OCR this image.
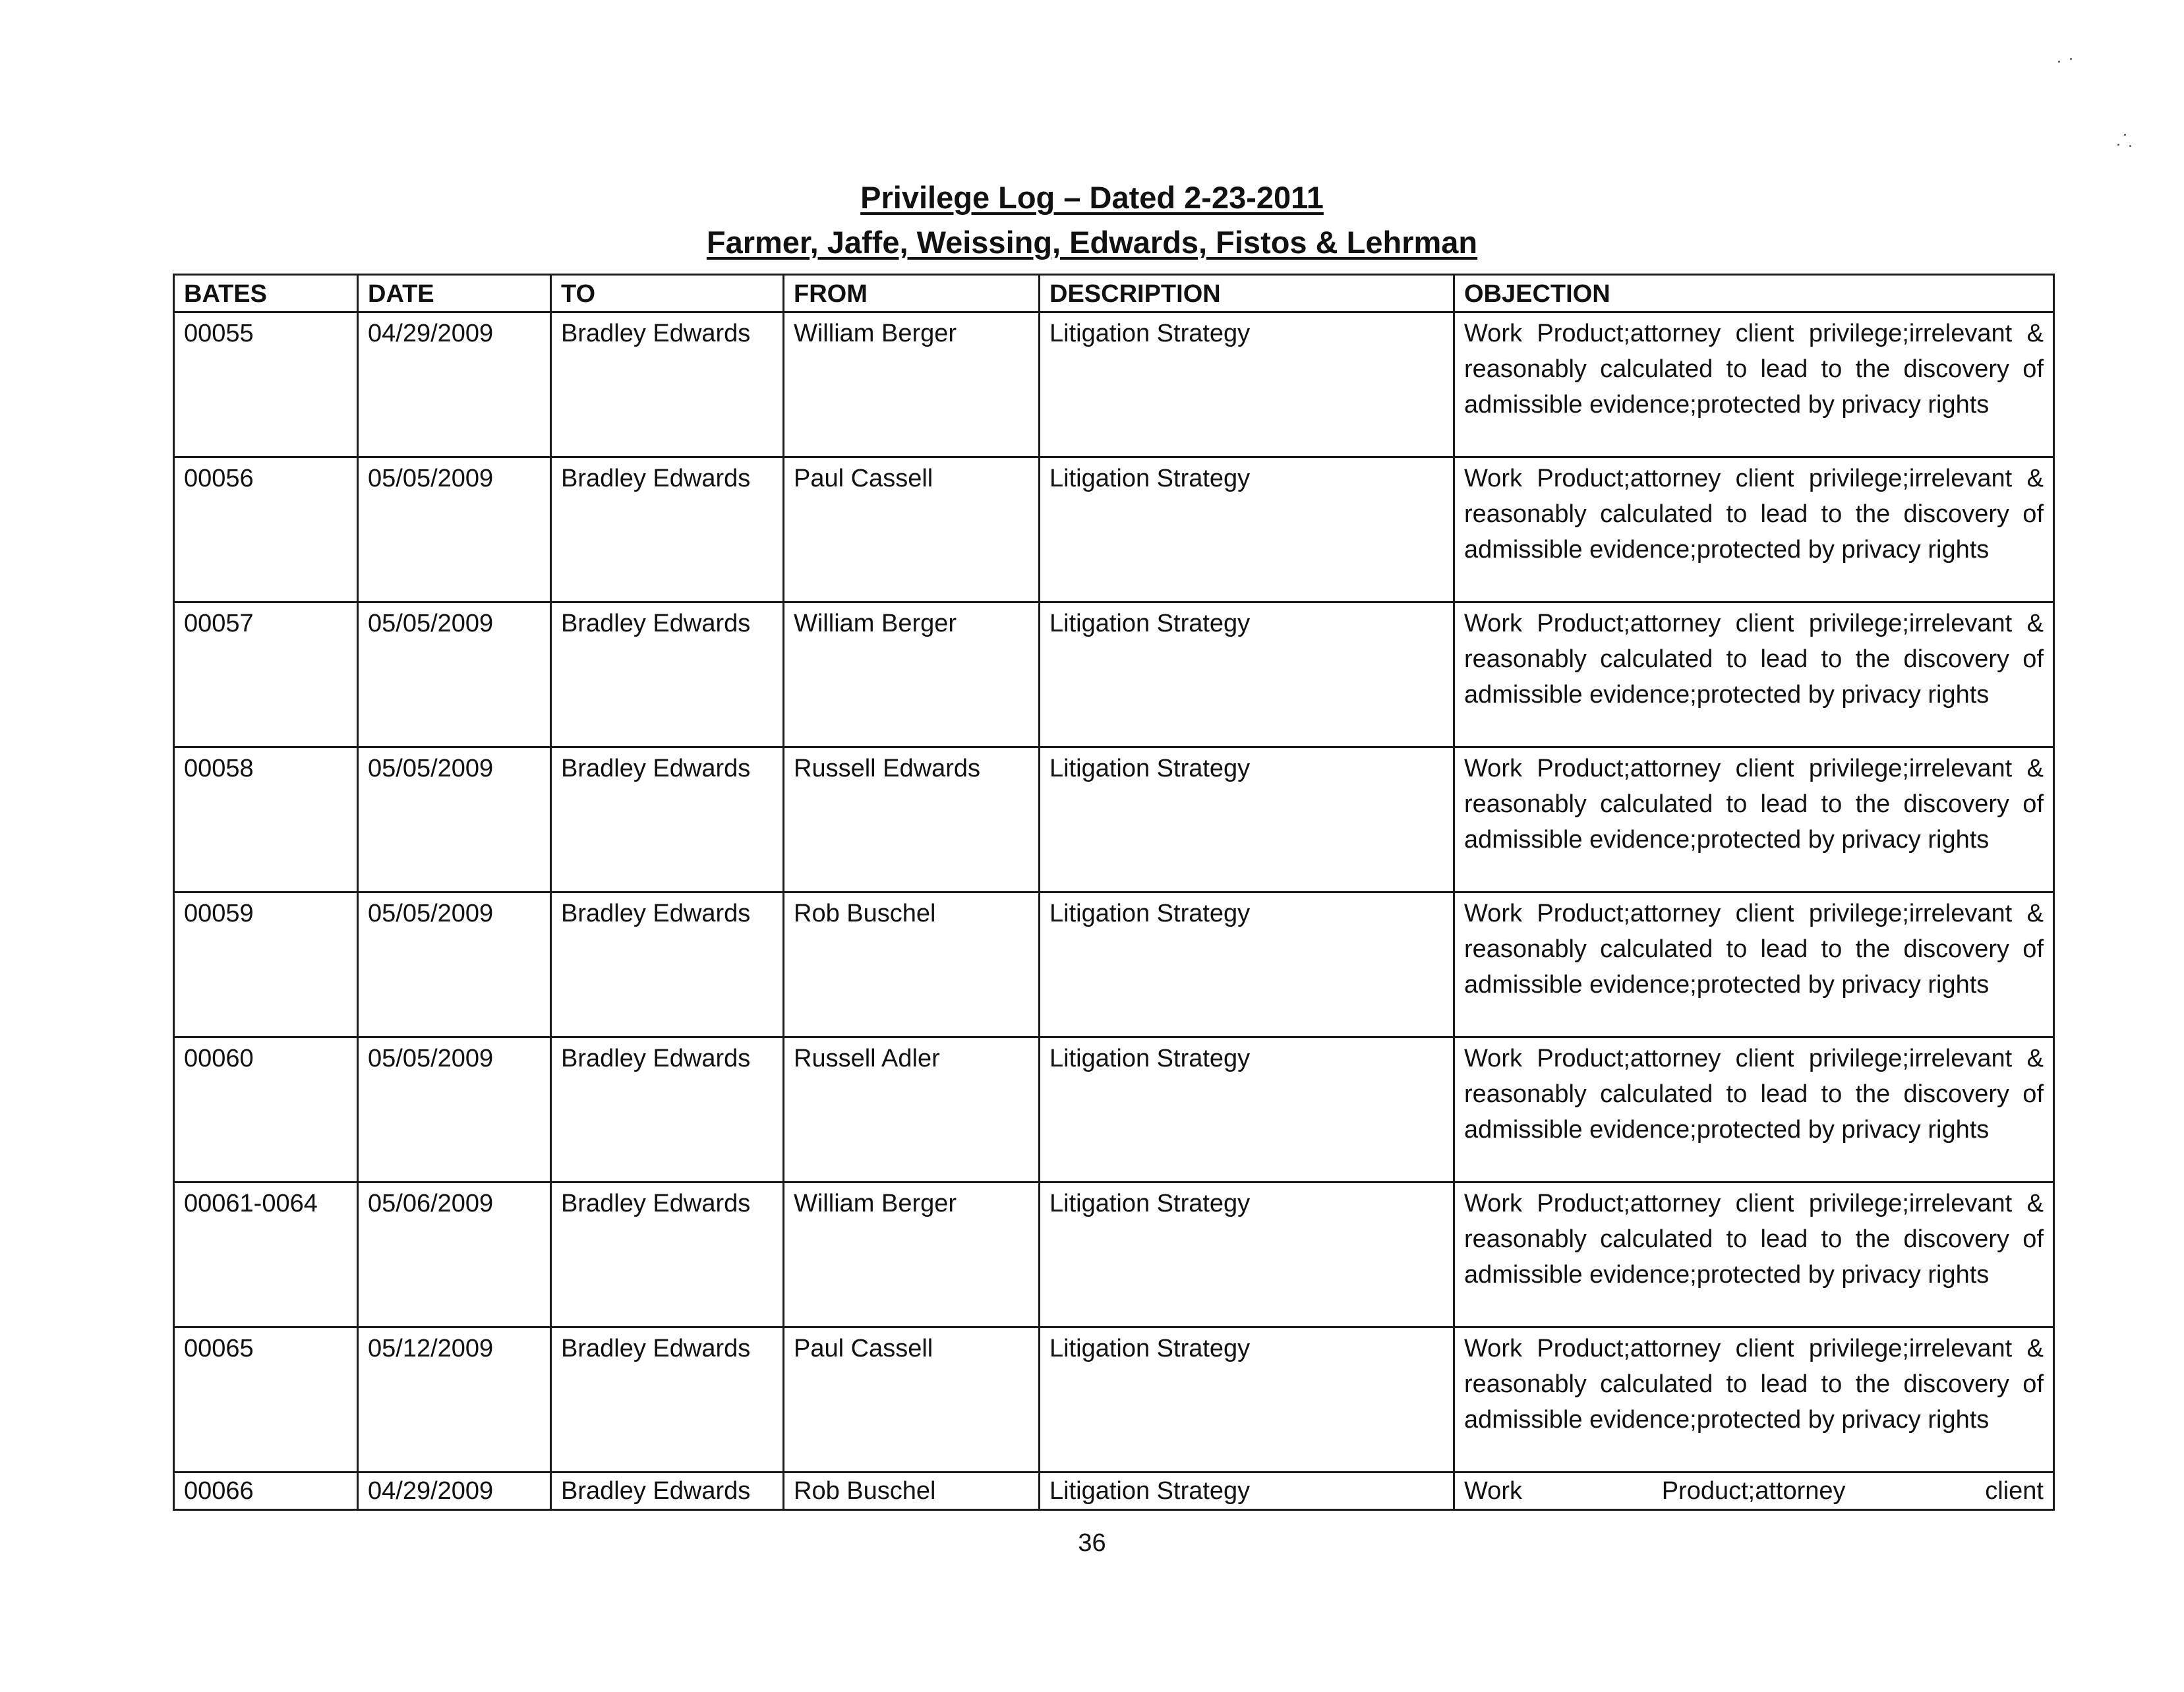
Privilege Log – Dated 2-23-2011
Farmer, Jaffe, Weissing, Edwards, Fistos & Lehrman
BATES	DATE	TO	FROM	DESCRIPTION	OBJECTION
00055	04/29/2009	Bradley Edwards	William Berger	Litigation Strategy	Work Product;attorney client privilege;irrelevant & reasonably calculated to lead to the discovery of admissible evidence;protected by privacy rights
00056	05/05/2009	Bradley Edwards	Paul Cassell	Litigation Strategy	Work Product;attorney client privilege;irrelevant & reasonably calculated to lead to the discovery of admissible evidence;protected by privacy rights
00057	05/05/2009	Bradley Edwards	William Berger	Litigation Strategy	Work Product;attorney client privilege;irrelevant & reasonably calculated to lead to the discovery of admissible evidence;protected by privacy rights
00058	05/05/2009	Bradley Edwards	Russell Edwards	Litigation Strategy	Work Product;attorney client privilege;irrelevant & reasonably calculated to lead to the discovery of admissible evidence;protected by privacy rights
00059	05/05/2009	Bradley Edwards	Rob Buschel	Litigation Strategy	Work Product;attorney client privilege;irrelevant & reasonably calculated to lead to the discovery of admissible evidence;protected by privacy rights
00060	05/05/2009	Bradley Edwards	Russell Adler	Litigation Strategy	Work Product;attorney client privilege;irrelevant & reasonably calculated to lead to the discovery of admissible evidence;protected by privacy rights
00061-0064	05/06/2009	Bradley Edwards	William Berger	Litigation Strategy	Work Product;attorney client privilege;irrelevant & reasonably calculated to lead to the discovery of admissible evidence;protected by privacy rights
00065	05/12/2009	Bradley Edwards	Paul Cassell	Litigation Strategy	Work Product;attorney client privilege;irrelevant & reasonably calculated to lead to the discovery of admissible evidence;protected by privacy rights
00066	04/29/2009	Bradley Edwards	Rob Buschel	Litigation Strategy	Work Product;attorney client
36
